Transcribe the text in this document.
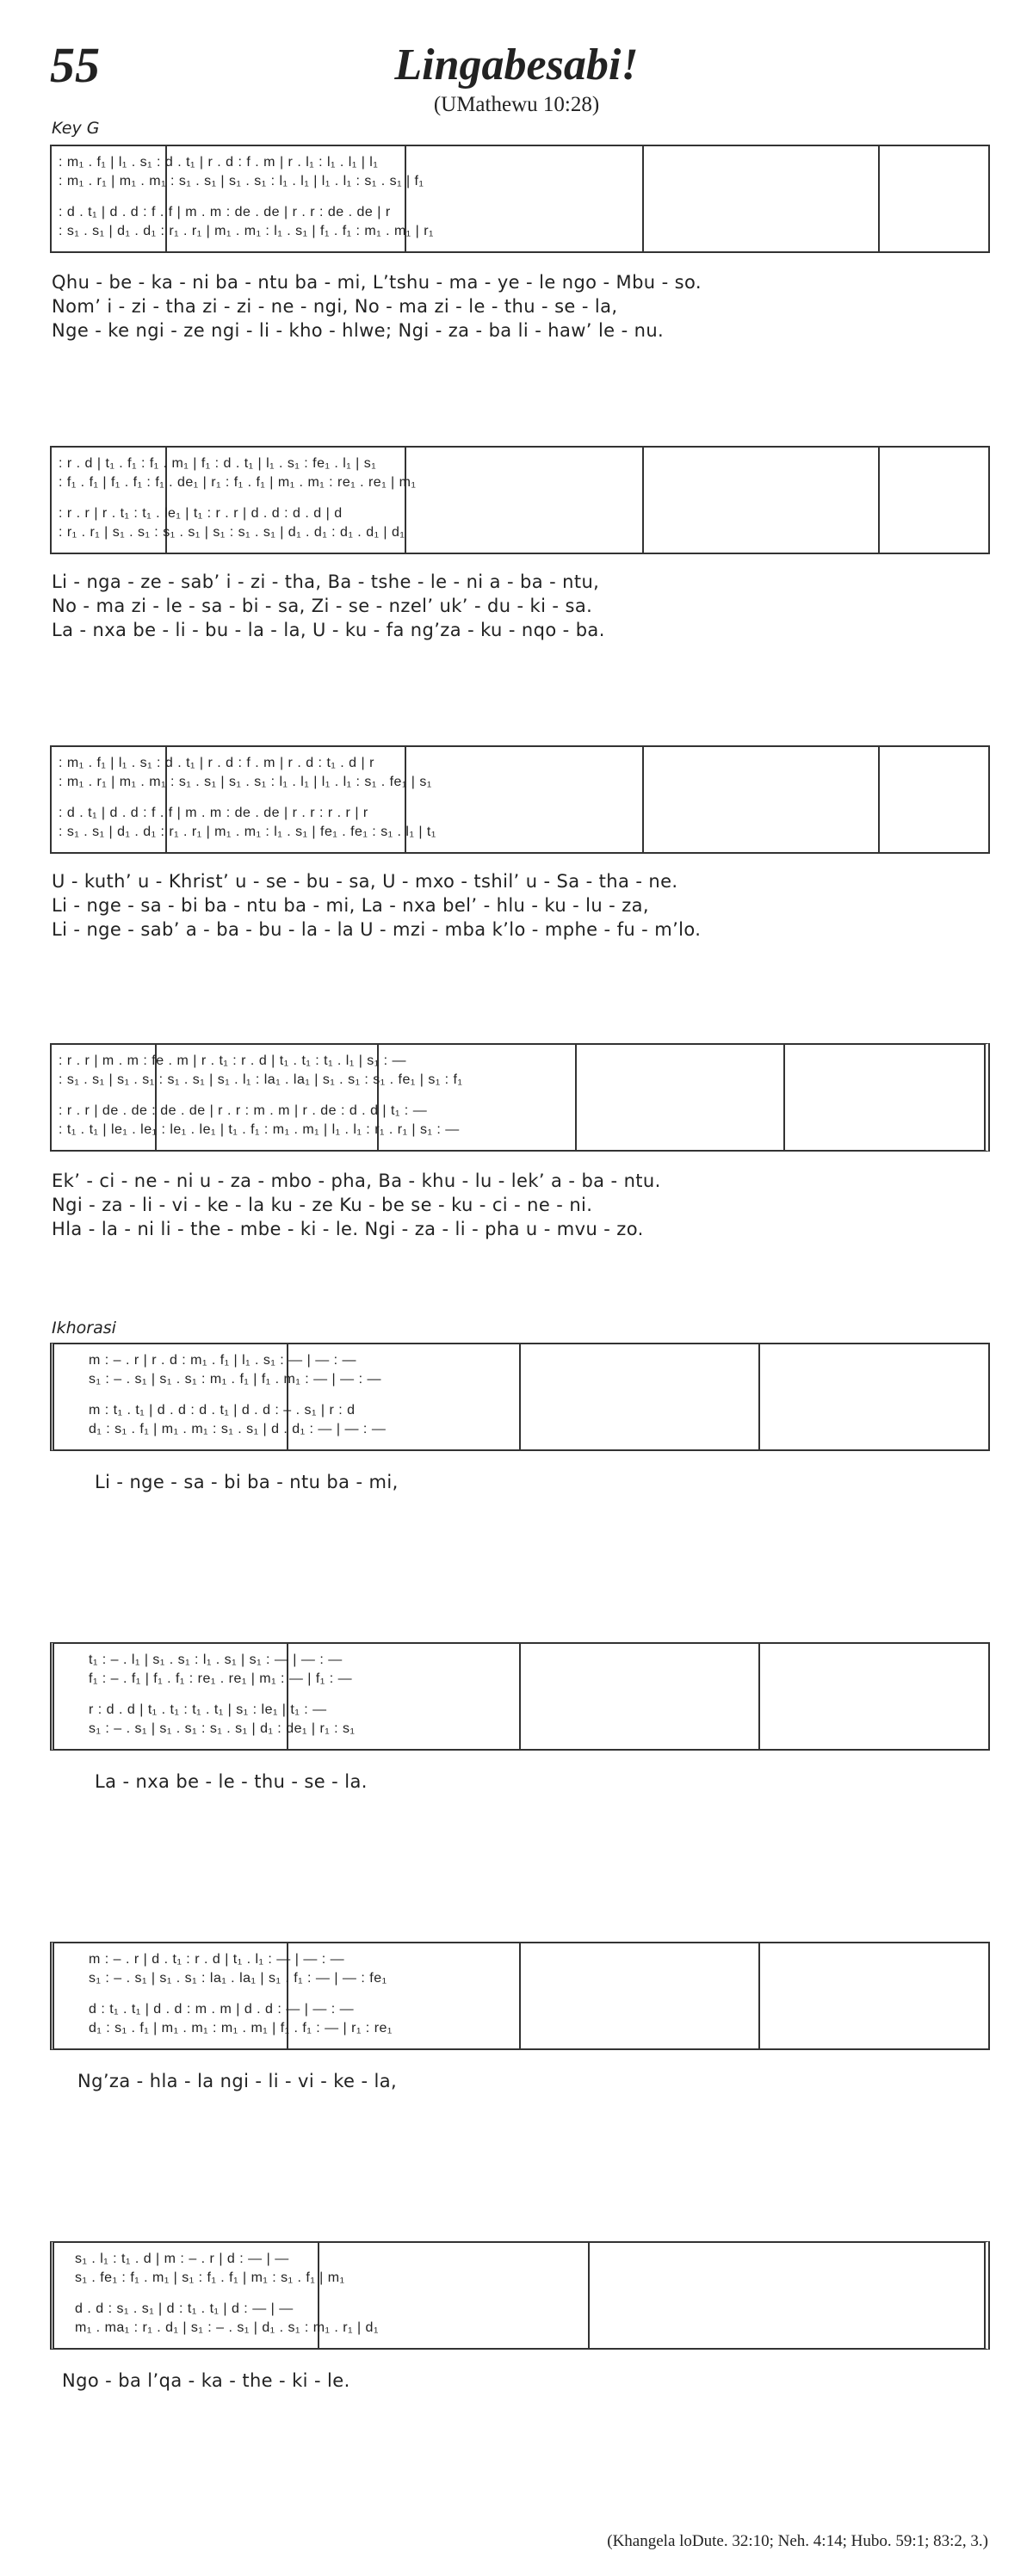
55	Lingabesabi!
(UMathewu 10:28)
Key G
: m₁ . f₁ | l₁ . s₁ : d . t₁ | r . d : f . m | r . l₁ : l₁ . l₁ | l₁
: m₁ . r₁ | m₁ . m₁ : s₁ . s₁ | s₁ . s₁ : l₁ . l₁ | l₁ . l₁ : s₁ . s₁ | f₁
: d . t₁ | d . d : f . f | m . m : de . de | r . r : de . de | r
: s₁ . s₁ | d₁ . d₁ : r₁ . r₁ | m₁ . m₁ : l₁ . s₁ | f₁ . f₁ : m₁ . m₁ | r₁
Qhu - be - ka - ni ba - ntu ba - mi, L’tshu - ma - ye - le ngo - Mbu - so.
Nom’ i - zi - tha zi - zi - ne - ngi, No - ma zi - le - thu - se - la,
Nge - ke ngi - ze ngi - li - kho - hlwe; Ngi - za - ba li - haw’ le - nu.
: r . d | t₁ . f₁ : f₁ . m₁ | f₁ : d . t₁ | l₁ . s₁ : fe₁ . l₁ | s₁
: f₁ . f₁ | f₁ . f₁ : f₁ . de₁ | r₁ : f₁ . f₁ | m₁ . m₁ : re₁ . re₁ | m₁
: r . r | r . t₁ : t₁ . le₁ | t₁ : r . r | d . d : d . d | d
: r₁ . r₁ | s₁ . s₁ : s₁ . s₁ | s₁ : s₁ . s₁ | d₁ . d₁ : d₁ . d₁ | d₁
Li - nga - ze - sab’ i - zi - tha, Ba - tshe - le - ni a - ba - ntu,
No - ma zi - le - sa - bi - sa, Zi - se - nzel’ uk’ - du - ki - sa.
La - nxa be - li - bu - la - la, U - ku - fa ng’za - ku - nqo - ba.
: m₁ . f₁ | l₁ . s₁ : d . t₁ | r . d : f . m | r . d : t₁ . d | r
: m₁ . r₁ | m₁ . m₁ : s₁ . s₁ | s₁ . s₁ : l₁ . l₁ | l₁ . l₁ : s₁ . fe₁ | s₁
: d . t₁ | d . d : f . f | m . m : de . de | r . r : r . r | r
: s₁ . s₁ | d₁ . d₁ : r₁ . r₁ | m₁ . m₁ : l₁ . s₁ | fe₁ . fe₁ : s₁ . l₁ | t₁
U - kuth’ u - Khrist’ u - se - bu - sa, U - mxo - tshil’ u - Sa - tha - ne.
Li - nge - sa - bi ba - ntu ba - mi, La - nxa bel’ - hlu - ku - lu - za,
Li - nge - sab’ a - ba - bu - la - la U - mzi - mba k’lo - mphe - fu - m’lo.
: r . r | m . m : fe . m | r . t₁ : r . d | t₁ . t₁ : t₁ . l₁ | s₁ : —
: s₁ . s₁ | s₁ . s₁ : s₁ . s₁ | s₁ . l₁ : la₁ . la₁ | s₁ . s₁ : s₁ . fe₁ | s₁ : f₁
: r . r | de . de : de . de | r . r : m . m | r . de : d . d | t₁ : —
: t₁ . t₁ | le₁ . le₁ : le₁ . le₁ | t₁ . f₁ : m₁ . m₁ | l₁ . l₁ : r₁ . r₁ | s₁ : —
Ek’ - ci - ne - ni u - za - mbo - pha, Ba - khu - lu - lek’ a - ba - ntu.
Ngi - za - li - vi - ke - la ku - ze Ku - be se - ku - ci - ne - ni.
Hla - la - ni li - the - mbe - ki - le. Ngi - za - li - pha u - mvu - zo.
Ikhorasi
m : – . r | r . d : m₁ . f₁ | l₁ . s₁ : — | — : —
s₁ : – . s₁ | s₁ . s₁ : m₁ . f₁ | f₁ . m₁ : — | — : —
m : t₁ . t₁ | d . d : d . t₁ | d . d : – . s₁ | r : d
d₁ : s₁ . f₁ | m₁ . m₁ : s₁ . s₁ | d . d₁ : — | — : —
Li - nge - sa - bi ba - ntu ba - mi,
t₁ : – . l₁ | s₁ . s₁ : l₁ . s₁ | s₁ : — | — : —
f₁ : – . f₁ | f₁ . f₁ : re₁ . re₁ | m₁ : — | f₁ : —
r : d . d | t₁ . t₁ : t₁ . t₁ | s₁ : le₁ | t₁ : —
s₁ : – . s₁ | s₁ . s₁ : s₁ . s₁ | d₁ : de₁ | r₁ : s₁
La - nxa be - le - thu - se - la.
m : – . r | d . t₁ : r . d | t₁ . l₁ : — | — : —
s₁ : – . s₁ | s₁ . s₁ : la₁ . la₁ | s₁ . f₁ : — | — : fe₁
d : t₁ . t₁ | d . d : m . m | d . d : — | — : —
d₁ : s₁ . f₁ | m₁ . m₁ : m₁ . m₁ | f₁ . f₁ : — | r₁ : re₁
Ng’za - hla - la ngi - li - vi - ke - la,
s₁ . l₁ : t₁ . d | m : – . r | d : — | —
s₁ . fe₁ : f₁ . m₁ | s₁ : f₁ . f₁ | m₁ : s₁ . f₁ | m₁
d . d : s₁ . s₁ | d : t₁ . t₁ | d : — | —
m₁ . ma₁ : r₁ . d₁ | s₁ : – . s₁ | d₁ . s₁ : m₁ . r₁ | d₁
Ngo - ba l’qa - ka - the - ki - le.
(Khangela loDute. 32:10; Neh. 4:14; Hubo. 59:1; 83:2, 3.)
